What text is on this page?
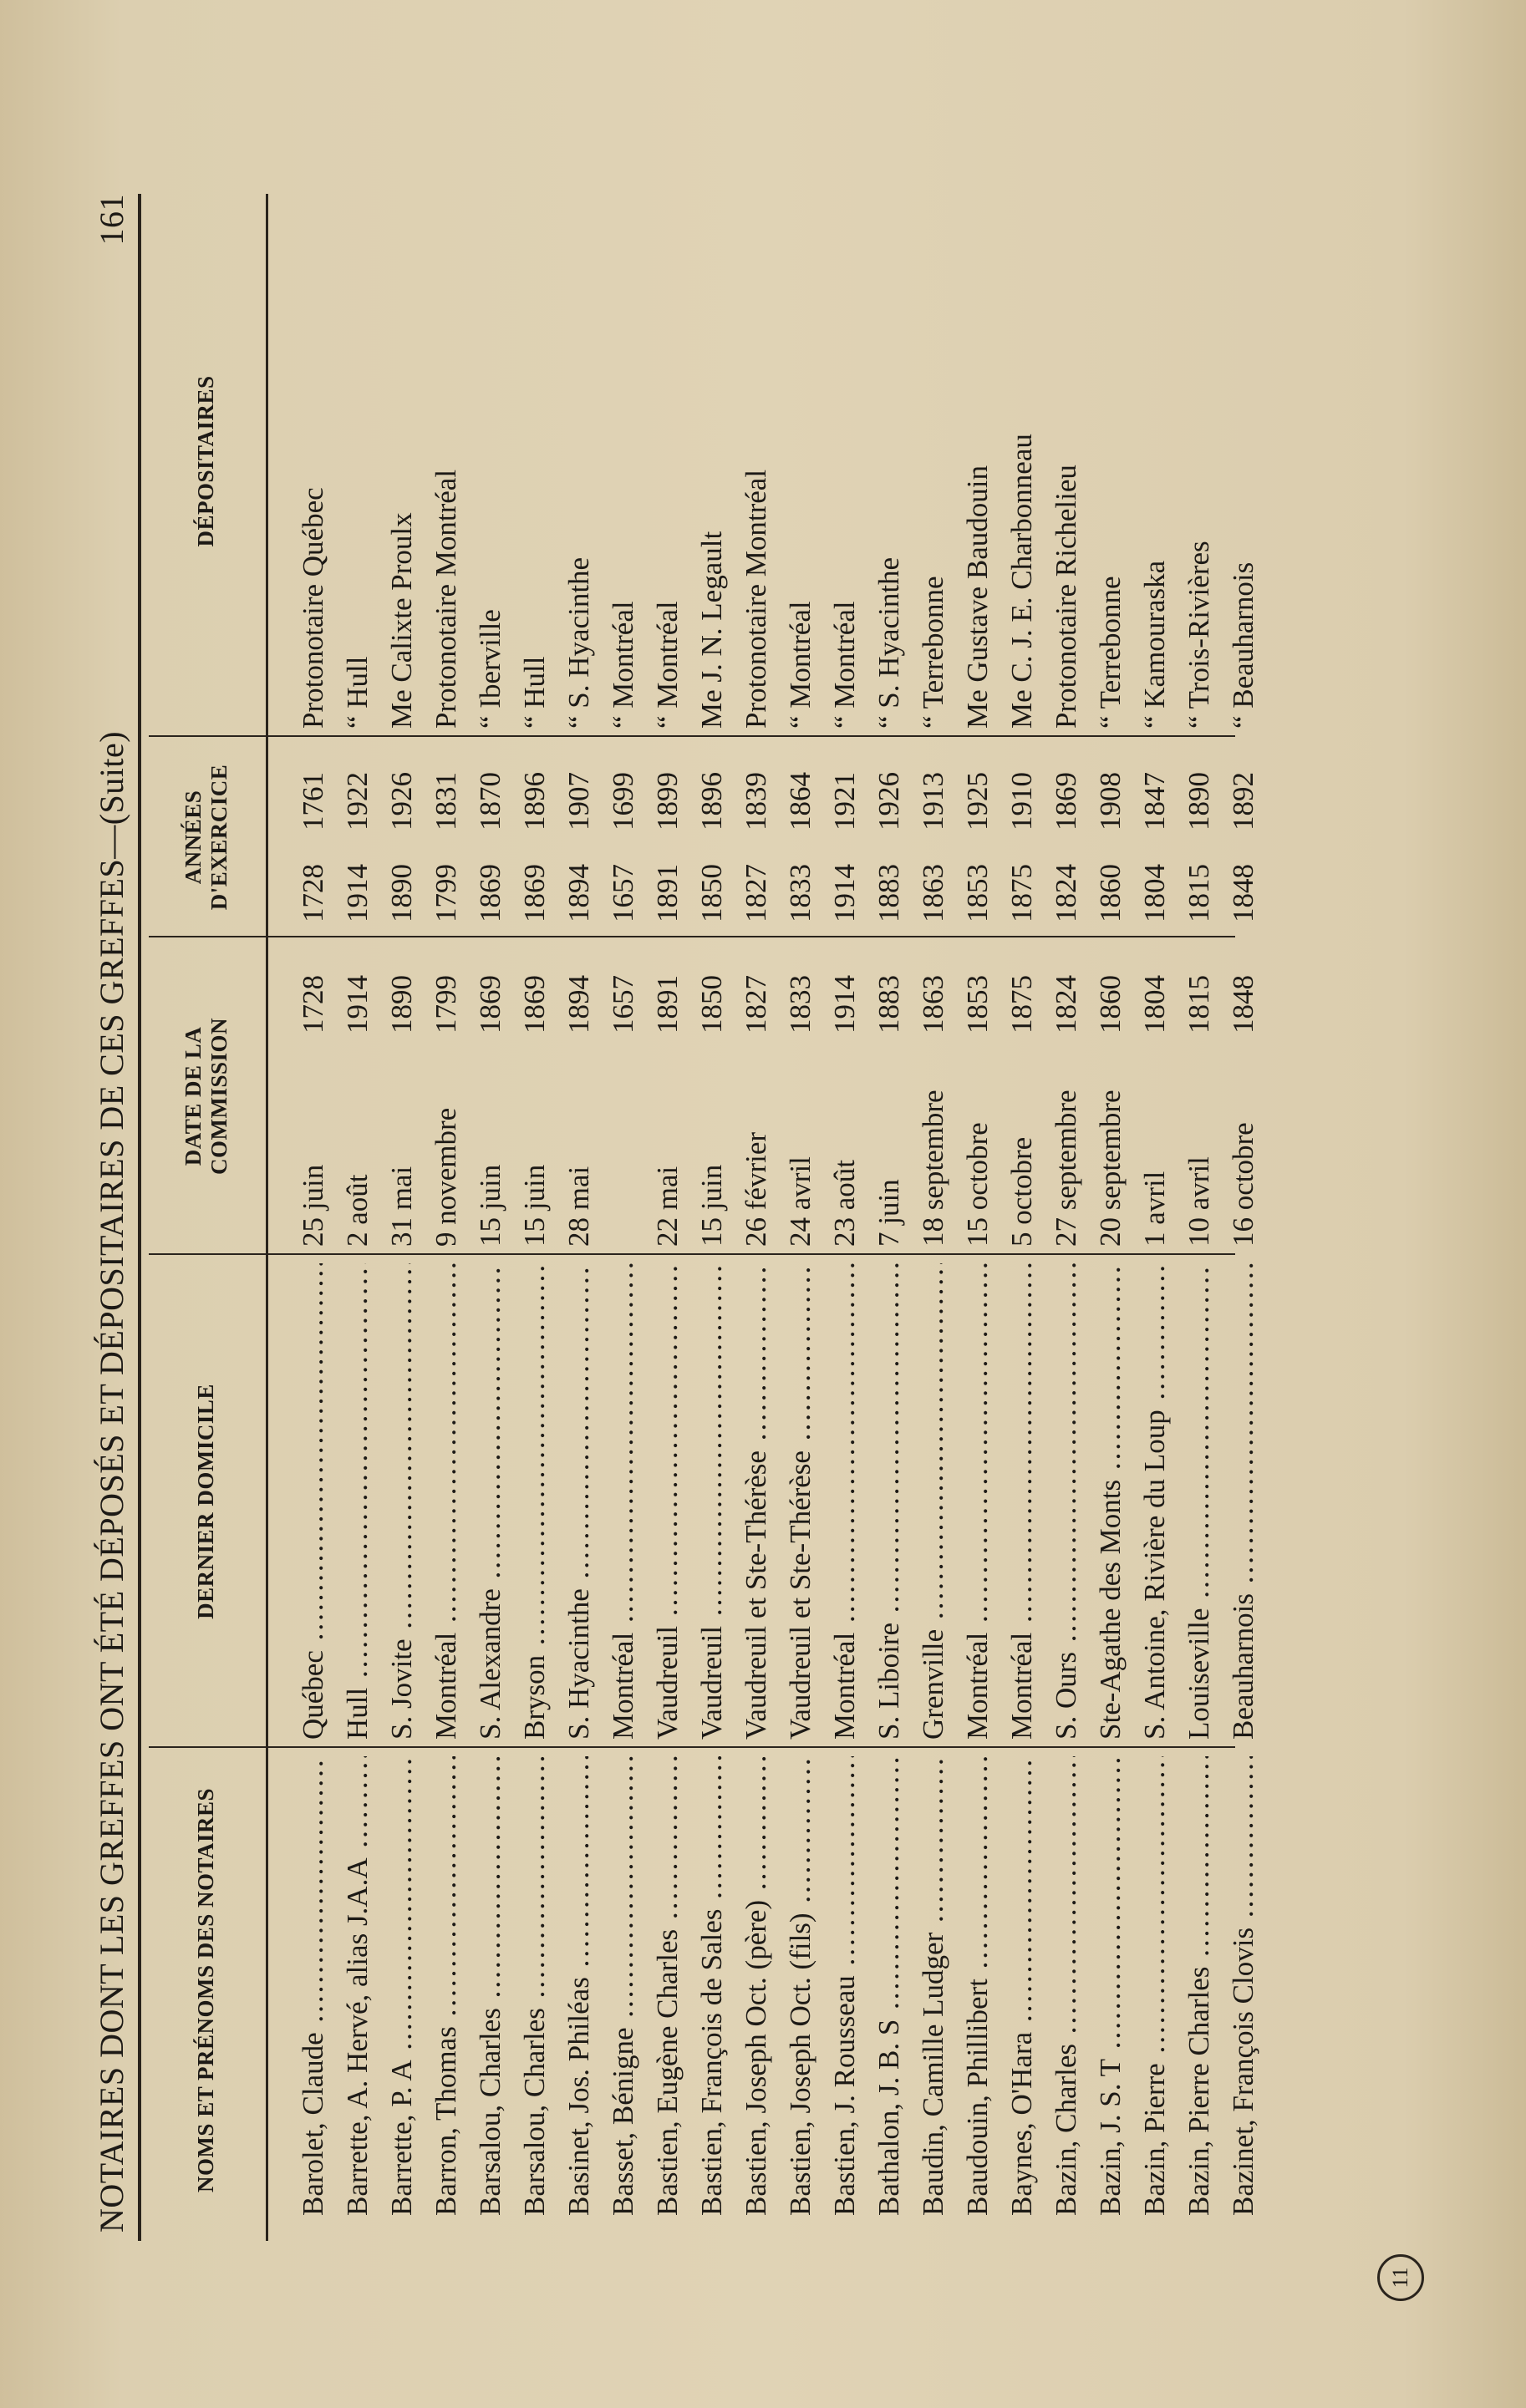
NOTAIRES DONT LES GREFFES ONT ÉTÉ DÉPOSÉS ET DÉPOSITAIRES DE CES GREFFES—(Suite)
161
NOMS ET PRÉNOMS DES NOTAIRES
DERNIER DOMICILE
DATE DE LA COMMISSION
ANNÉES D'EXERCICE
DÉPOSITAIRES
Barolet, Claude .....
Québec .....
25 juin
1728
1728
1761
Protonotaire Québec
Barrette, A. Hervé, alias J.A.A .....
Hull .....
2 août
1914
1914
1922
“ Hull
Barrette, P. A .....
S. Jovite .....
31 mai
1890
1890
1926
Me Calixte Proulx
Barron, Thomas .....
Montréal .....
9 novembre
1799
1799
1831
Protonotaire Montréal
Barsalou, Charles .....
S. Alexandre .....
15 juin
1869
1869
1870
“ Iberville
Barsalou, Charles .....
Bryson .....
15 juin
1869
1869
1896
“ Hull
Basinet, Jos. Philéas .....
S. Hyacinthe .....
28 mai
1894
1894
1907
“ S. Hyacinthe
Basset, Bénigne .....
Montréal .....
1657
1657
1699
“ Montréal
Bastien, Eugène Charles .....
Vaudreuil .....
22 mai
1891
1891
1899
“ Montréal
Bastien, François de Sales .....
Vaudreuil .....
15 juin
1850
1850
1896
Me J. N. Legault
Bastien, Joseph Oct. (père) .....
Vaudreuil et Ste-Thérèse .....
26 février
1827
1827
1839
Protonotaire Montréal
Bastien, Joseph Oct. (fils) .....
Vaudreuil et Ste-Thérèse .....
24 avril
1833
1833
1864
“ Montréal
Bastien, J. Rousseau .....
Montréal .....
23 août
1914
1914
1921
“ Montréal
Bathalon, J. B. S .....
S. Liboire .....
7 juin
1883
1883
1926
“ S. Hyacinthe
Baudin, Camille Ludger .....
Grenville .....
18 septembre
1863
1863
1913
“ Terrebonne
Baudouin, Phillibert .....
Montréal .....
15 octobre
1853
1853
1925
Me Gustave Baudouin
Baynes, O'Hara .....
Montréal .....
5 octobre
1875
1875
1910
Me C. J. E. Charbonneau
Bazin, Charles .....
S. Ours .....
27 septembre
1824
1824
1869
Protonotaire Richelieu
Bazin, J. S. T .....
Ste-Agathe des Monts .....
20 septembre
1860
1860
1908
“ Terrebonne
Bazin, Pierre .....
S. Antoine, Rivière du Loup .....
1 avril
1804
1804
1847
“ Kamouraska
Bazin, Pierre Charles .....
Louiseville .....
10 avril
1815
1815
1890
“ Trois-Rivières
Bazinet, François Clovis .....
Beauharnois .....
16 octobre
1848
1848
1892
“ Beauharnois
11
